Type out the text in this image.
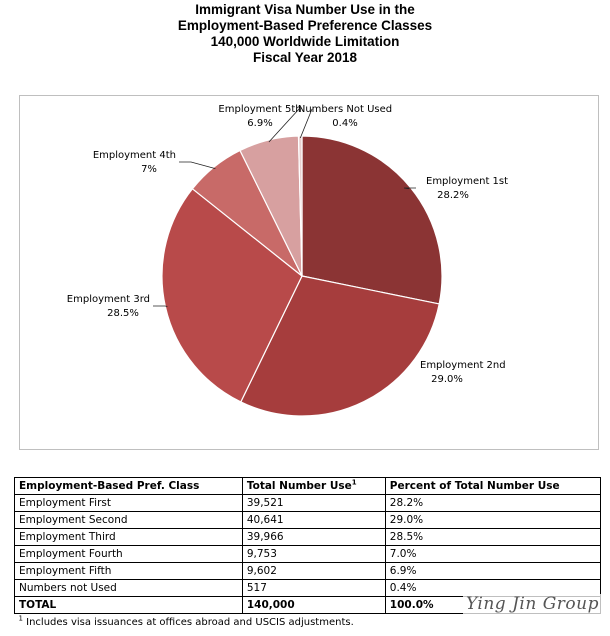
Immigrant Visa Number Use in the
Employment-Based Preference Classes
140,000 Worldwide Limitation
Fiscal Year 2018
Employment 1st
28.2%
Employment 2nd
29.0%
Employment 3rd
28.5%
Employment 4th
7%
Employment 5th
6.9%
Numbers Not Used
0.4%
Employment-Based Pref. Class	Total Number Use$^1$	Percent of Total Number Use
Employment First	39,521	28.2%
Employment Second	40,641	29.0%
Employment Third	39,966	28.5%
Employment Fourth	9,753	7.0%
Employment Fifth	9,602	6.9%
Numbers not Used	517	0.4%
TOTAL	140,000	100.0%
$^1$ Includes visa issuances at offices abroad and USCIS adjustments.		
Ying Jin Group
